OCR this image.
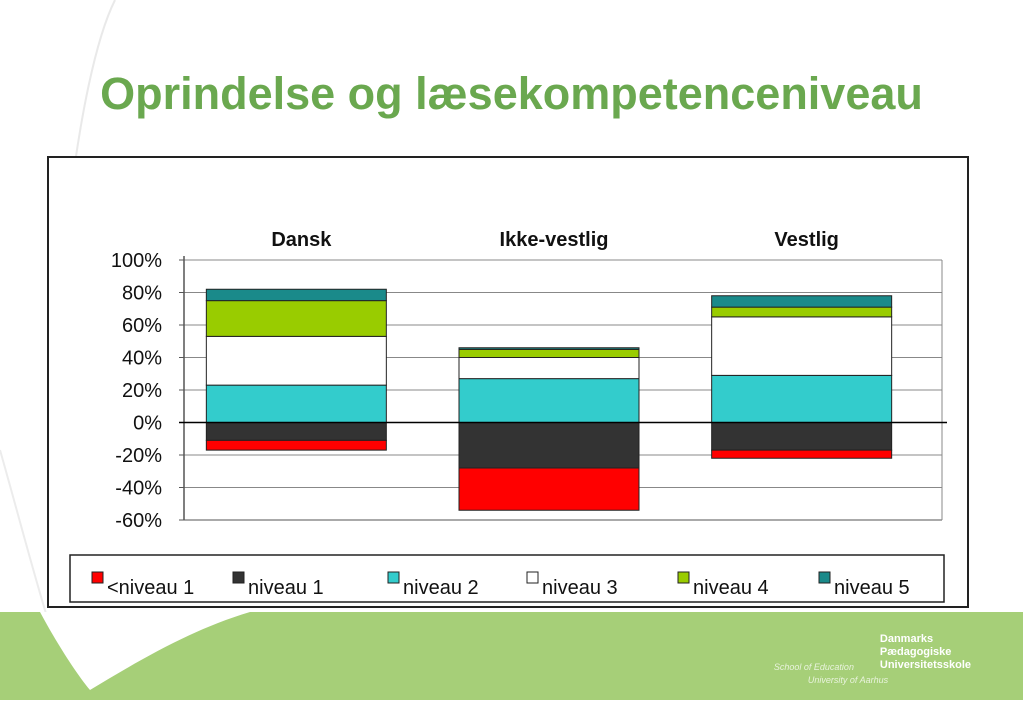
Oprindelse og læsekompetenceniveau
100%
80%
60%
40%
20%
0%
-20%
-40%
-60%
Dansk	Ikke-vestlig	Vestlig
<niveau 1	niveau 1	niveau 2	niveau 3	niveau 4	niveau 5
Danmarks
Pædagogiske
Universitetsskole
School of Education
University of Aarhus
